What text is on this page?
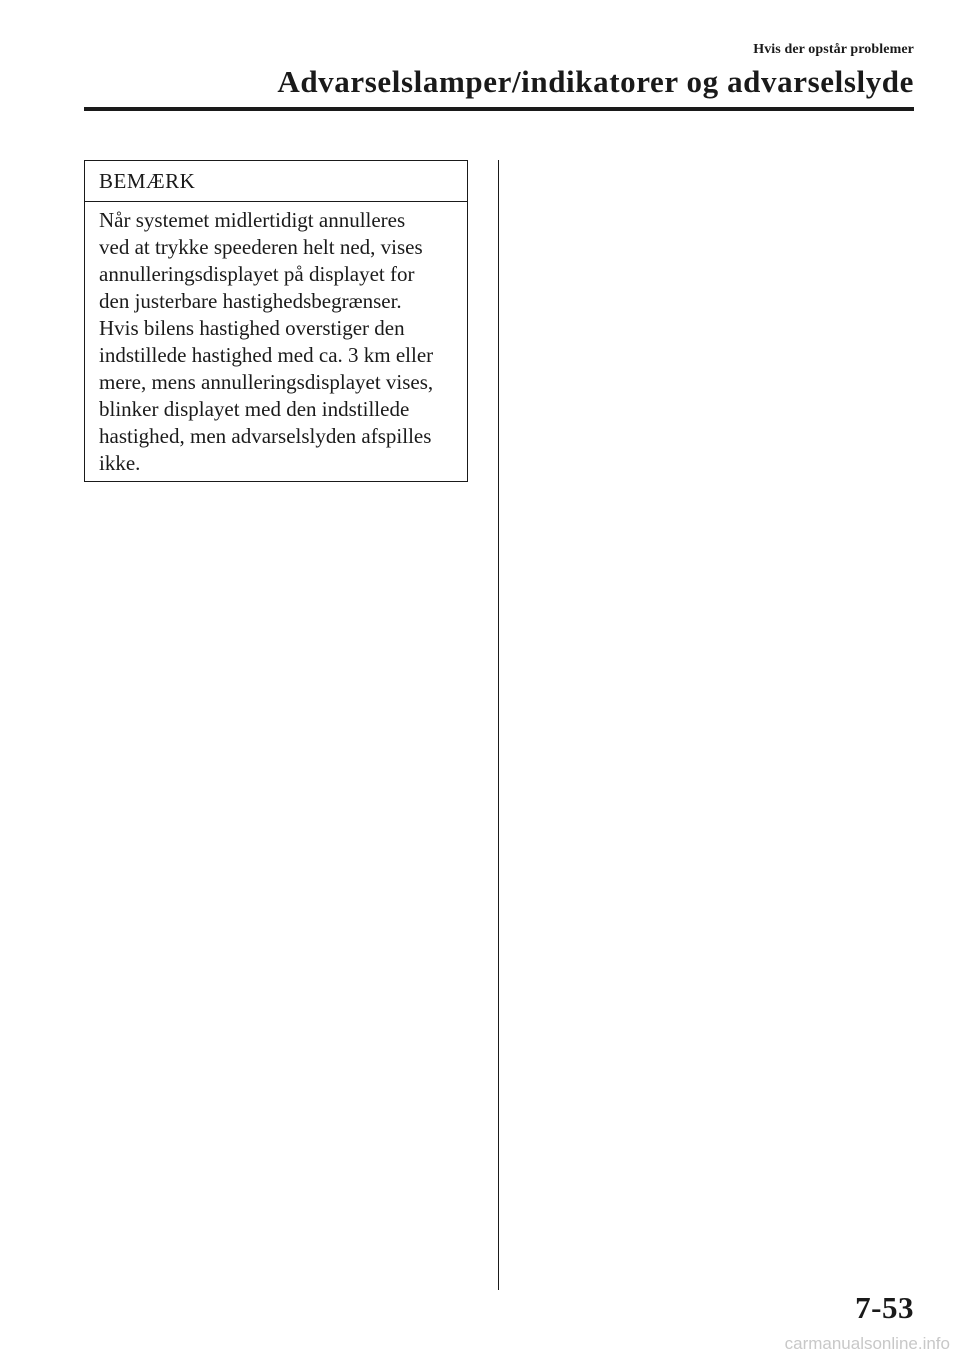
Hvis der opstår problemer
Advarselslamper/indikatorer og advarselslyde
BEMÆRK
Når systemet midlertidigt annulleres
ved at trykke speederen helt ned, vises
annulleringsdisplayet på displayet for
den justerbare hastighedsbegrænser.
Hvis bilens hastighed overstiger den
indstillede hastighed med ca. 3 km eller
mere, mens annulleringsdisplayet vises,
blinker displayet med den indstillede
hastighed, men advarselslyden afspilles
ikke.
7-53
carmanualsonline.info
